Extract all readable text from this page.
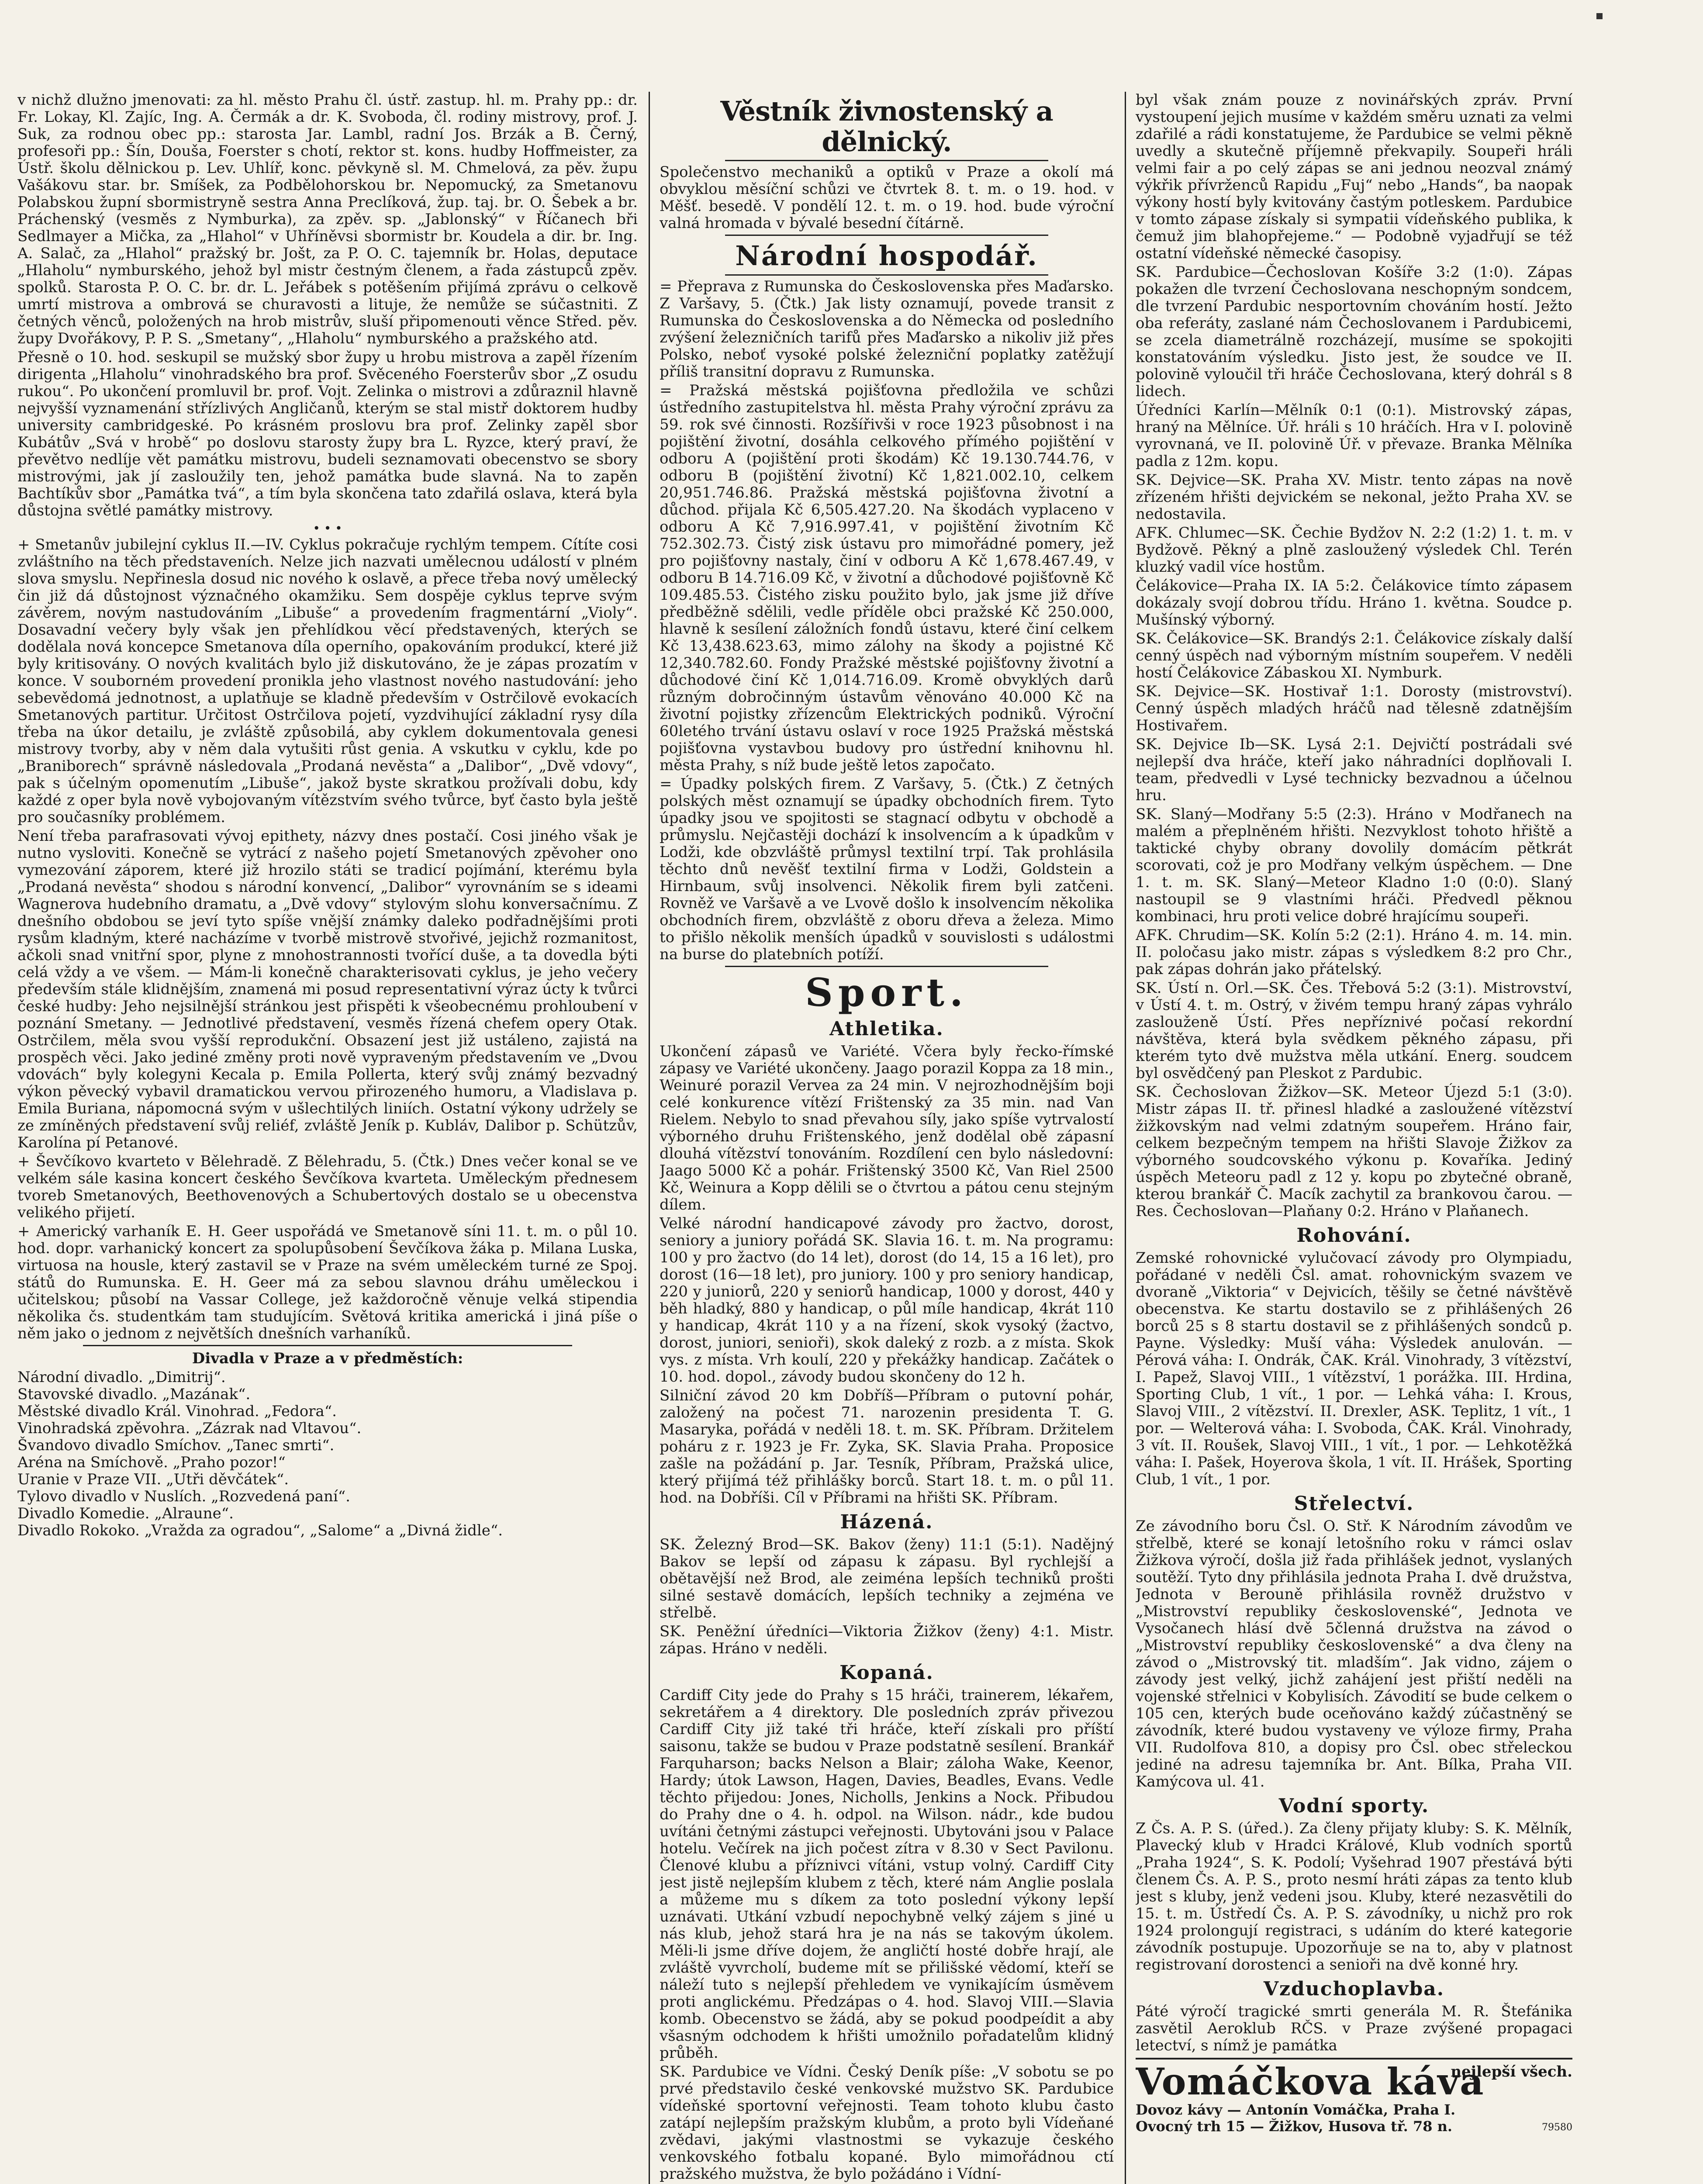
v nichž dlužno jmenovati: za hl. město Prahu čl. ústř. zastup. hl. m. Prahy pp.: dr. Fr. Lokay, Kl. Zajíc, Ing. A. Čermák a dr. K. Svoboda, čl. rodiny mistrovy, prof. J. Suk, za rodnou obec pp.: starosta Jar. Lambl, radní Jos. Brzák a B. Černý, profesoři pp.: Šín, Douša, Foerster s chotí, rektor st. kons. hudby Hoffmeister, za Ústř. školu dělnickou p. Lev. Uhlíř, konc. pěvkyně sl. M. Chmelová, za pěv. župu Vašákovu star. br. Smíšek, za Podbělohorskou br. Nepomucký, za Smetanovu Polabskou župní sbormistryně sestra Anna Preclíková, žup. taj. br. O. Šebek a br. Práchenský (vesměs z Nymburka), za zpěv. sp. „Jablonský“ v Říčanech bři Sedlmayer a Mička, za „Hlahol“ v Uhříněvsi sbormistr br. Koudela a dir. br. Ing. A. Salač, za „Hlahol“ pražský br. Jošt, za P. O. C. tajemník br. Holas, deputace „Hlaholu“ nymburského, jehož byl mistr čestným členem, a řada zástupců zpěv. spolků. Starosta P. O. C. br. dr. L. Jeřábek s potěšením přijímá zprávu o celkově umrtí mistrova a ombrová se churavosti a lituje, že nemůže se súčastniti. Z četných věnců, položených na hrob mistrův, sluší připomenouti věnce Střed. pěv. župy Dvořákovy, P. P. S. „Smetany“, „Hlaholu“ nymburského a pražského atd.

Přesně o 10. hod. seskupil se mužský sbor župy u hrobu mistrova a zapěl řízením dirigenta „Hlaholu“ vinohradského bra prof. Svěceného Foersterův sbor „Z osudu rukou“. Po ukončení promluvil br. prof. Vojt. Zelinka o mistrovi a zdůraznil hlavně nejvyšší vyznamenání střízlivých Angličanů, kterým se stal mistř doktorem hudby university cambridgeské. Po krásném proslovu bra prof. Zelinky zapěl sbor Kubátův „Svá v hrobě“ po doslovu starosty župy bra L. Ryzce, který praví, že převětvo nedlíje vět památku mistrovu, budeli seznamovati obecenstvo se sbory mistrovými, jak jí zasloužily ten, jehož památka bude slavná. Na to zapěn Bachtíkův sbor „Památka tvá“, a tím byla skončena tato zdařilá oslava, která byla důstojna světlé památky mistrovy.

• • •

+ Smetanův jubilejní cyklus II.—IV. Cyklus pokračuje rychlým tempem. Cítíte cosi zvláštního na těch představeních. Nelze jich nazvati umělecnou událostí v plném slova smyslu. Nepřinesla dosud nic nového k oslavě, a přece třeba nový umělecký čin již dá důstojnost význačného okamžiku. Sem dospěje cyklus teprve svým závěrem, novým nastudováním „Libuše“ a provedením fragmentární „Violy“. Dosavadní večery byly však jen přehlídkou věcí představených, kterých se dodělala nová koncepce Smetanova díla operního, opakováním produkcí, které již byly kritisovány. O nových kvalitách bylo již diskutováno, že je zápas prozatím v konce. V souborném provedení pronikla jeho vlastnost nového nastudování: jeho sebevědomá jednotnost, a uplatňuje se kladně především v Ostrčilově evokacích Smetanových partitur. Určitost Ostrčilova pojetí, vyzdvihující základní rysy díla třeba na úkor detailu, je zvláště způsobilá, aby cyklem dokumentovala genesi mistrovy tvorby, aby v něm dala vytušiti růst genia. A vskutku v cyklu, kde po „Braniborech“ správně následovala „Prodaná nevěsta“ a „Dalibor“, „Dvě vdovy“, pak s účelným opomenutím „Libuše“, jakož byste skratkou prožívali dobu, kdy každé z oper byla nově vybojovaným vítězstvím svého tvůrce, byť často byla ještě pro současníky problémem.

Není třeba parafrasovati vývoj epithety, názvy dnes postačí. Cosi jiného však je nutno vysloviti. Konečně se vytrácí z našeho pojetí Smetanových zpěvoher ono vymezování záporem, které již hrozilo státi se tradicí pojímání, kterému byla „Prodaná nevěsta“ shodou s národní konvencí, „Dalibor“ vyrovnáním se s ideami Wagnerova hudebního dramatu, a „Dvě vdovy“ stylovým slohu konversačnímu. Z dnešního obdobou se jeví tyto spíše vnější známky daleko podřadnějšími proti rysům kladným, které nacházíme v tvorbě mistrově stvořivé, jejichž rozmanitost, ačkoli snad vnitřní spor, plyne z mnohostrannosti tvořící duše, a ta dovedla býti celá vždy a ve všem. — Mám-li konečně charakterisovati cyklus, je jeho večery především stále klidnějším, znamená mi posud representativní výraz úcty k tvůrci české hudby: Jeho nejsilnější stránkou jest přispěti k všeobecnému prohloubení v poznání Smetany. — Jednotlivé představení, vesměs řízená chefem opery Otak. Ostrčilem, měla svou vyšší reprodukční. Obsazení jest již ustáleno, zajistá na prospěch věci. Jako jediné změny proti nově vypraveným představením ve „Dvou vdovách“ byly kolegyni Kecala p. Emila Pollerta, který svůj známý bezvadný výkon pěvecký vybavil dramatickou vervou přirozeného humoru, a Vladislava p. Emila Buriana, nápomocná svým v ušlechtilých liniích. Ostatní výkony udržely se ze zmíněných představení svůj reliéf, zvláště Jeník p. Kubláv, Dalibor p. Schützův, Karolína pí Petanové.

+ Ševčíkovo kvarteto v Bělehradě. Z Bělehradu, 5. (Čtk.) Dnes večer konal se ve velkém sále kasina koncert českého Ševčíkova kvarteta. Uměleckým přednesem tvoreb Smetanových, Beethovenových a Schubertových dostalo se u obecenstva velikého přijetí.

+ Americký varhaník E. H. Geer uspořádá ve Smetanově síni 11. t. m. o půl 10. hod. dopr. varhanický koncert za spolupůsobení Ševčíkova žáka p. Milana Luska, virtuosa na housle, který zastavil se v Praze na svém uměleckém turné ze Spoj. států do Rumunska. E. H. Geer má za sebou slavnou dráhu uměleckou i učitelskou; působí na Vassar College, jež každoročně věnuje velká stipendia několika čs. studentkám tam studujícím. Světová kritika americká i jiná píše o něm jako o jednom z největších dnešních varhaníků.

Divadla v Praze a v předměstích:
Národní divadlo. „Dimitrij“.
Stavovské divadlo. „Mazának“.
Městské divadlo Král. Vinohrad. „Fedora“.
Vinohradská zpěvohra. „Zázrak nad Vltavou“.
Švandovo divadlo Smíchov. „Tanec smrti“.
Aréna na Smíchově. „Praho pozor!“
Uranie v Praze VII. „Utři děvčátek“.
Tylovo divadlo v Nuslích. „Rozvedená paní“.
Divadlo Komedie. „Alraune“.
Divadlo Rokoko. „Vražda za ogradou“, „Salome“ a „Divná židle“.
Věstník živnostenský a dělnický.

Společenstvo mechaniků a optiků v Praze a okolí má obvyklou měsíční schůzi ve čtvrtek 8. t. m. o 19. hod. v Měšť. besedě. V pondělí 12. t. m. o 19. hod. bude výroční valná hromada v bývalé besední čítárně.

Národní hospodář.

= Přeprava z Rumunska do Československa přes Maďarsko. Z Varšavy, 5. (Čtk.) Jak listy oznamují, povede transit z Rumunska do Československa a do Německa od posledního zvýšení železničních tarifů přes Maďarsko a nikoliv již přes Polsko, neboť vysoké polské železniční poplatky zatěžují příliš transitní dopravu z Rumunska.

= Pražská městská pojišťovna předložila ve schůzi ústředního zastupitelstva hl. města Prahy výroční zprávu za 59. rok své činnosti. Rozšířivši v roce 1923 působnost i na pojištění životní, dosáhla celkového přímého pojištění v odboru A (pojištění proti škodám) Kč 19.130.744.76, v odboru B (pojištění životní) Kč 1,821.002.10, celkem 20,951.746.86. Pražská městská pojišťovna životní a důchod. přijala Kč 6,505.427.20. Na škodách vyplaceno v odboru A Kč 7,916.997.41, v pojištění životním Kč 752.302.73. Čistý zisk ústavu pro mimořádné pomery, jež pro pojišťovny nastaly, činí v odboru A Kč 1,678.467.49, v odboru B 14.716.09 Kč, v životní a důchodové pojišťovně Kč 109.485.53. Čistého zisku použito bylo, jak jsme již dříve předběžně sdělili, vedle příděle obci pražské Kč 250.000, hlavně k sesílení záložních fondů ústavu, které činí celkem Kč 13,438.623.63, mimo zálohy na škody a pojistné Kč 12,340.782.60. Fondy Pražské městské pojišťovny životní a důchodové činí Kč 1,014.716.09. Kromě obvyklých darů různým dobročinným ústavům věnováno 40.000 Kč na životní pojistky zřízencům Elektrických podniků. Výroční 60letého trvání ústavu oslaví v roce 1925 Pražská městská pojišťovna vystavbou budovy pro ústřední knihovnu hl. města Prahy, s níž bude ještě letos započato.

= Úpadky polských firem. Z Varšavy, 5. (Čtk.) Z četných polských měst oznamují se úpadky obchodních firem. Tyto úpadky jsou ve spojitosti se stagnací odbytu v obchodě a průmyslu. Nejčastěji dochází k insolvencím a k úpadkům v Lodži, kde obzvláště průmysl textilní trpí. Tak prohlásila těchto dnů nevěšť textilní firma v Lodži, Goldstein a Hirnbaum, svůj insolvenci. Několik firem byli zatčeni. Rovněž ve Varšavě a ve Lvově došlo k insolvencím několika obchodních firem, obzvláště z oboru dřeva a železa. Mimo to přišlo několik menších úpadků v souvislosti s událostmi na burse do platebních potíží.

Sport.
Athletika.

Ukončení zápasů ve Variété. Včera byly řecko-římské zápasy ve Variété ukončeny. Jaago porazil Koppa za 18 min., Weinuré porazil Vervea za 24 min. V nejrozhodnějším boji celé konkurence vítězí Frištenský za 35 min. nad Van Rielem. Nebylo to snad převahou síly, jako spíše vytrvalostí výborného druhu Frištenského, jenž dodělal obě zápasní dlouhá vítězství tonováním. Rozdílení cen bylo následovní: Jaago 5000 Kč a pohár. Frištenský 3500 Kč, Van Riel 2500 Kč, Weinura a Kopp dělili se o čtvrtou a pátou cenu stejným dílem.

Velké národní handicapové závody pro žactvo, dorost, seniory a juniory pořádá SK. Slavia 16. t. m. Na programu: 100 y pro žactvo (do 14 let), dorost (do 14, 15 a 16 let), pro dorost (16—18 let), pro juniory. 100 y pro seniory handicap, 220 y juniorů, 220 y seniorů handicap, 1000 y dorost, 440 y běh hladký, 880 y handicap, o půl míle handicap, 4krát 110 y handicap, 4krát 110 y a na řízení, skok vysoký (žactvo, dorost, juniori, senioři), skok daleký z rozb. a z místa. Skok vys. z místa. Vrh koulí, 220 y překážky handicap. Začátek o 10. hod. dopol., závody budou skončeny do 12 h.

Silniční závod 20 km Dobříš—Příbram o putovní pohár, založený na počest 71. narozenin presidenta T. G. Masaryka, pořádá v neděli 18. t. m. SK. Příbram. Držitelem poháru z r. 1923 je Fr. Zyka, SK. Slavia Praha. Proposice zašle na požádání p. Jar. Tesník, Příbram, Pražská ulice, který přijímá též přihlášky borců. Start 18. t. m. o půl 11. hod. na Dobříši. Cíl v Příbrami na hřišti SK. Příbram.

Házená.

SK. Železný Brod—SK. Bakov (ženy) 11:1 (5:1). Nadějný Bakov se lepší od zápasu k zápasu. Byl rychlejší a obětavější než Brod, ale zeiména lepších techniků prošti silné sestavě domácích, lepších techniky a zejména ve střelbě.

SK. Peněžní úředníci—Viktoria Žižkov (ženy) 4:1. Mistr. zápas. Hráno v neděli.

Kopaná.

Cardiff City jede do Prahy s 15 hráči, trainerem, lékařem, sekretářem a 4 direktory. Dle posledních zpráv přivezou Cardiff City již také tři hráče, kteří získali pro příští saisonu, takže se budou v Praze podstatně sesílení. Brankář Farquharson; backs Nelson a Blair; záloha Wake, Keenor, Hardy; útok Lawson, Hagen, Davies, Beadles, Evans. Vedle těchto přijedou: Jones, Nicholls, Jenkins a Nock. Přibudou do Prahy dne o 4. h. odpol. na Wilson. nádr., kde budou uvítáni četnými zástupci veřejnosti. Ubytováni jsou v Palace hotelu. Večírek na jich počest zítra v 8.30 v Sect Pavilonu. Členové klubu a příznivci vítáni, vstup volný. Cardiff City jest jistě nejlepším klubem z těch, které nám Anglie poslala a můžeme mu s díkem za toto poslední výkony lepší uznávati. Utkání vzbudí nepochybně velký zájem s jiné u nás klub, jehož stará hra je na nás se takovým úkolem. Měli-li jsme dříve dojem, že angličtí hosté dobře hrají, ale zvláště vyvrcholí, budeme mít se přilišské vědomí, kteří se náleží tuto s nejlepší přehledem ve vynikajícím úsměvem proti anglickému. Předzápas o 4. hod. Slavoj VIII.—Slavia komb. Obecenstvo se žádá, aby se pokud poodpeídit a aby všasným odchodem k hřišti umožnilo pořadatelům klidný průběh.

SK. Pardubice ve Vídni. Český Deník píše: „V sobotu se po prvé představilo české venkovské mužstvo SK. Pardubice vídeňské sportovní veřejnosti. Team tohoto klubu často zatápí nejlepším pražským klubům, a proto byli Vídeňané zvědavi, jakými vlastnostmi se vykazuje českého venkovského fotbalu kopané. Bylo mimořádnou ctí pražského mužstva, že bylo požádáno i Vídní-

byl však znám pouze z novinářských zpráv. První vystoupení jejich musíme v každém směru uznati za velmi zdařilé a rádi konstatujeme, že Pardubice se velmi pěkně uvedly a skutečně příjemně překvapily. Soupeři hráli velmi fair a po celý zápas se ani jednou neozval známý výkřik přívrženců Rapidu „Fuj“ nebo „Hands“, ba naopak výkony hostí byly kvitovány častým potleskem. Pardubice v tomto zápase získaly si sympatii vídeňského publika, k čemuž jim blahopřejeme.“ — Podobně vyjadřují se též ostatní vídeňské německé časopisy.

SK. Pardubice—Čechoslovan Košíře 3:2 (1:0). Zápas pokažen dle tvrzení Čechoslovana neschopným sondcem, dle tvrzení Pardubic nesportovním chováním hostí. Ježto oba referáty, zaslané nám Čechoslovanem i Pardubicemi, se zcela diametrálně rozcházejí, musíme se spokojiti konstatováním výsledku. Jisto jest, že soudce ve II. polovině vyloučil tři hráče Čechoslovana, který dohrál s 8 lidech.

Úředníci Karlín—Mělník 0:1 (0:1). Mistrovský zápas, hraný na Mělníce. Úř. hráli s 10 hráčích. Hra v I. polovině vyrovnaná, ve II. polovině Úř. v převaze. Branka Mělníka padla z 12m. kopu.

SK. Dejvice—SK. Praha XV. Mistr. tento zápas na nově zřízeném hřišti dejvickém se nekonal, ježto Praha XV. se nedostavila.

AFK. Chlumec—SK. Čechie Bydžov N. 2:2 (1:2) 1. t. m. v Bydžově. Pěkný a plně zasloužený výsledek Chl. Terén kluzký vadil více hostům.

Čelákovice—Praha IX. IA 5:2. Čelákovice tímto zápasem dokázaly svojí dobrou třídu. Hráno 1. května. Soudce p. Mušínský výborný.

SK. Čelákovice—SK. Brandýs 2:1. Čelákovice získaly další cenný úspěch nad výborným místním soupeřem. V neděli hostí Čelákovice Zábaskou XI. Nymburk.

SK. Dejvice—SK. Hostivař 1:1. Dorosty (mistrovství). Cenný úspěch mladých hráčů nad tělesně zdatnějším Hostivařem.

SK. Dejvice Ib—SK. Lysá 2:1. Dejvičtí postrádali své nejlepší dva hráče, kteří jako náhradníci doplňovali I. team, předvedli v Lysé technicky bezvadnou a účelnou hru.

SK. Slaný—Modřany 5:5 (2:3). Hráno v Modřanech na malém a přeplněném hřišti. Nezvyklost tohoto hřiště a taktické chyby obrany dovolily domácím pětkrát scorovati, což je pro Modřany velkým úspěchem. — Dne 1. t. m. SK. Slaný—Meteor Kladno 1:0 (0:0). Slaný nastoupil se 9 vlastními hráči. Předvedl pěknou kombinaci, hru proti velice dobré hrajícímu soupeři.

AFK. Chrudim—SK. Kolín 5:2 (2:1). Hráno 4. m. 14. min. II. poločasu jako mistr. zápas s výsledkem 8:2 pro Chr., pak zápas dohrán jako přátelský.

SK. Ústí n. Orl.—SK. Čes. Třebová 5:2 (3:1). Mistrovství, v Ústí 4. t. m. Ostrý, v živém tempu hraný zápas vyhrálo zaslouženě Ústí. Přes nepříznivé počasí rekordní návštěva, která byla svědkem pěkného zápasu, při kterém tyto dvě mužstva měla utkání. Energ. soudcem byl osvědčený pan Pleskot z Pardubic.

SK. Čechoslovan Žižkov—SK. Meteor Újezd 5:1 (3:0). Mistr zápas II. tř. přinesl hladké a zasloužené vítězství žižkovským nad velmi zdatným soupeřem. Hráno fair, celkem bezpečným tempem na hřišti Slavoje Žižkov za výborného soudcovského výkonu p. Kovaříka. Jediný úspěch Meteoru padl z 12 y. kopu po zbytečné obraně, kterou brankář Č. Macík zachytil za brankovou čarou. — Res. Čechoslovan—Plaňany 0:2. Hráno v Plaňanech.

Rohování.

Zemské rohovnické vylučovací závody pro Olympiadu, pořádané v neděli Čsl. amat. rohovnickým svazem ve dvoraně „Viktoria“ v Dejvicích, těšily se četné návštěvě obecenstva. Ke startu dostavilo se z přihlášených 26 borců 25 s 8 startu dostavil se z přihlášených sondců p. Payne. Výsledky: Muší váha: Výsledek anulován. — Pérová váha: I. Ondrák, ČAK. Král. Vinohrady, 3 vítězství, I. Papež, Slavoj VIII., 1 vítězství, 1 porážka. III. Hrdina, Sporting Club, 1 vít., 1 por. — Lehká váha: I. Krous, Slavoj VIII., 2 vítězství. II. Drexler, ASK. Teplitz, 1 vít., 1 por. — Welterová váha: I. Svoboda, ČAK. Král. Vinohrady, 3 vít. II. Roušek, Slavoj VIII., 1 vít., 1 por. — Lehkotěžká váha: I. Pašek, Hoyerova škola, 1 vít. II. Hrášek, Sporting Club, 1 vít., 1 por.

Střelectví.

Ze závodního boru Čsl. O. Stř. K Národním závodům ve střelbě, které se konají letošního roku v rámci oslav Žižkova výročí, došla již řada přihlášek jednot, vyslaných soutěží. Tyto dny přihlásila jednota Praha I. dvě družstva, Jednota v Berouně přihlásila rovněž družstvo v „Mistrovství republiky československé“, Jednota ve Vysočanech hlásí dvě 5členná družstva na závod o „Mistrovství republiky československé“ a dva členy na závod o „Mistrovský tit. mladším“. Jak vidno, zájem o závody jest velký, jichž zahájení jest přiští neděli na vojenské střelnici v Kobylisích. Závodití se bude celkem o 105 cen, kterých bude oceňováno každý zúčastněný se závodník, které budou vystaveny ve výloze firmy, Praha VII. Rudolfova 810, a dopisy pro Čsl. obec střeleckou jediné na adresu tajemníka br. Ant. Bílka, Praha VII. Kamýcova ul. 41.

Vodní sporty.

Z Čs. A. P. S. (úřed.). Za členy přijaty kluby: S. K. Mělník, Plavecký klub v Hradci Králové, Klub vodních sportů „Praha 1924“, S. K. Podolí; Vyšehrad 1907 přestává býti členem Čs. A. P. S., proto nesmí hráti zápas za tento klub jest s kluby, jenž vedeni jsou. Kluby, které nezasvětili do 15. t. m. Ústředí Čs. A. P. S. závodníky, u nichž pro rok 1924 prolongují registraci, s udáním do které kategorie závodník postupuje. Upozorňuje se na to, aby v platnost registrovaní dorostenci a senioři na dvě konné hry.

Vzduchoplavba.

Páté výročí tragické smrti generála M. R. Štefánika zasvětil Aeroklub RČS. v Praze zvýšené propagaci letectví, s nímž je památka

Vomáčkova káva
nejlepší všech.
Dovoz kávy — Antonín Vomáčka, Praha I.
Ovocný trh 15 — Žižkov, Husova tř. 78 n.	79580
